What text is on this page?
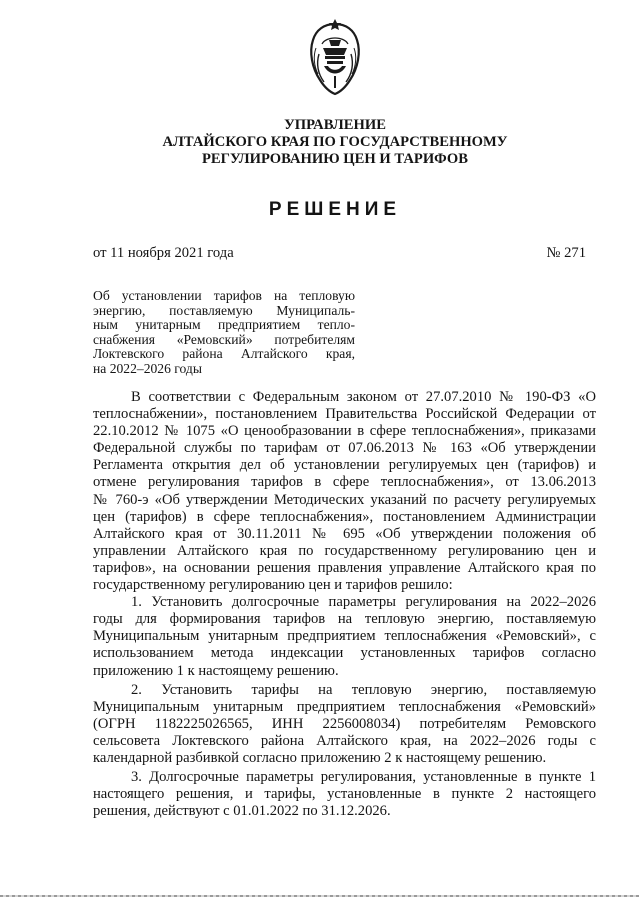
УПРАВЛЕНИЕ

АЛТАЙСКОГО КРАЯ ПО ГОСУДАРСТВЕННОМУ

РЕГУЛИРОВАНИЮ ЦЕН И ТАРИФОВ

РЕШЕНИЕ

от 11 ноября 2021 года	№ 271
Об установлении тарифов на тепловую
энергию, поставляемую Муниципаль-
ным унитарным предприятием тепло-
снабжения «Ремовский» потребителям
Локтевского района Алтайского края,
на 2022–2026 годы
В соответствии с Федеральным законом от 27.07.2010 № 190-ФЗ «О
теплоснабжении», постановлением Правительства Российской Федерации от
22.10.2012 № 1075 «О ценообразовании в сфере теплоснабжения», приказами
Федеральной службы по тарифам от 07.06.2013 № 163 «Об утверждении
Регламента открытия дел об установлении регулируемых цен (тарифов) и
отмене регулирования тарифов в сфере теплоснабжения», от 13.06.2013
№ 760-э «Об утверждении Методических указаний по расчету регулируемых
цен (тарифов) в сфере теплоснабжения», постановлением Администрации
Алтайского края от 30.11.2011 № 695 «Об утверждении положения об
управлении Алтайского края по государственному регулированию цен и
тарифов», на основании решения правления управление Алтайского края по
государственному регулированию цен и тарифов решило:
1. Установить долгосрочные параметры регулирования на 2022–2026
годы для формирования тарифов на тепловую энергию, поставляемую
Муниципальным унитарным предприятием теплоснабжения «Ремовский», с
использованием метода индексации установленных тарифов согласно
приложению 1 к настоящему решению.
2. Установить тарифы на тепловую энергию, поставляемую
Муниципальным унитарным предприятием теплоснабжения «Ремовский»
(ОГРН 1182225026565, ИНН 2256008034) потребителям Ремовского
сельсовета Локтевского района Алтайского края, на 2022–2026 годы с
календарной разбивкой согласно приложению 2 к настоящему решению.
3. Долгосрочные параметры регулирования, установленные в пункте 1
настоящего решения, и тарифы, установленные в пункте 2 настоящего
решения, действуют с 01.01.2022 по 31.12.2026.
